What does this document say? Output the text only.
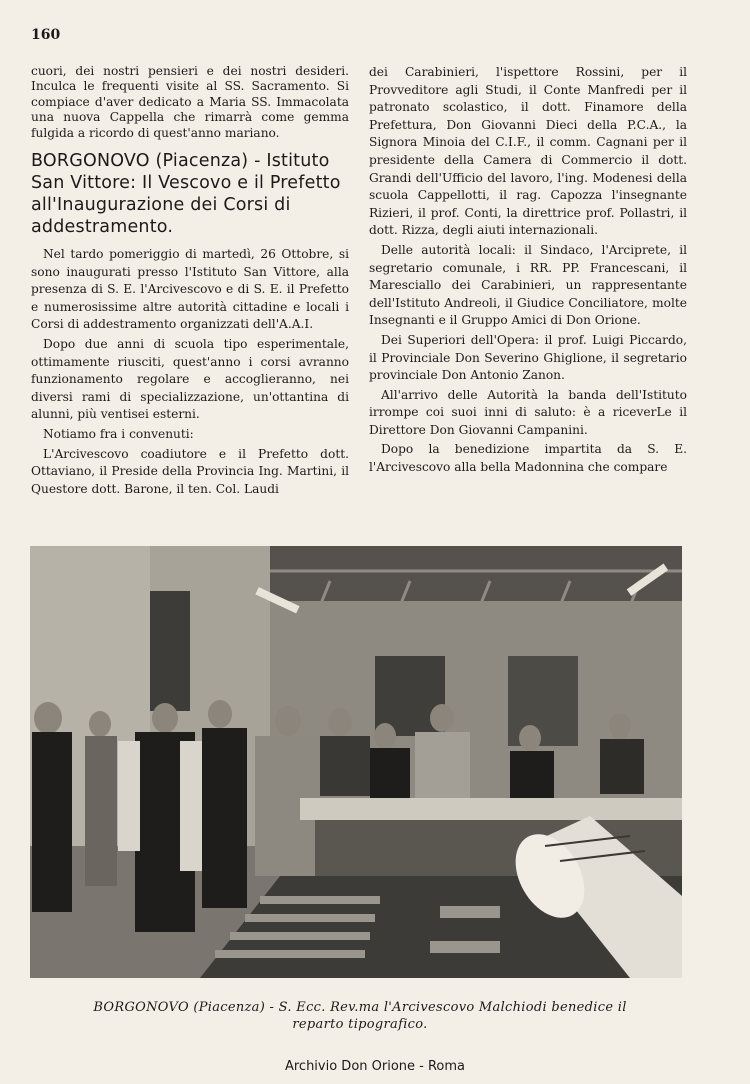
160

cuori, dei nostri pensieri e dei nostri desideri. Inculca le frequenti visite al SS. Sacramento. Si compiace d'aver dedicato a Maria SS. Immacolata una nuova Cappella che rimarrà come gemma fulgida a ricordo di quest'anno mariano.

BORGONOVO (Piacenza) - Istituto San Vittore: Il Vescovo e il Prefetto all'Inaugurazione dei Corsi di addestramento.

Nel tardo pomeriggio di martedì, 26 Ottobre, si sono inaugurati presso l'Istituto San Vittore, alla presenza di S. E. l'Arcivescovo e di S. E. il Prefetto e numerosissime altre autorità cittadine e locali i Corsi di addestramento organizzati dell'A.A.I.

Dopo due anni di scuola tipo esperimentale, ottimamente riusciti, quest'anno i corsi avranno funzionamento regolare e accoglieranno, nei diversi rami di specializzazione, un'ottantina di alunni, più ventisei esterni.

Notiamo fra i convenuti:

L'Arcivescovo coadiutore e il Prefetto dott. Ottaviano, il Preside della Provincia Ing. Martini, il Questore dott. Barone, il ten. Col. Laudi

dei Carabinieri, l'ispettore Rossini, per il Provveditore agli Studi, il Conte Manfredi per il patronato scolastico, il dott. Finamore della Prefettura, Don Giovanni Dieci della P.C.A., la Signora Minoia del C.I.F., il comm. Cagnani per il presidente della Camera di Commercio il dott. Grandi dell'Ufficio del lavoro, l'ing. Modenesi della scuola Cappellotti, il rag. Capozza l'insegnante Rizieri, il prof. Conti, la direttrice prof. Pollastri, il dott. Rizza, degli aiuti internazionali.

Delle autorità locali: il Sindaco, l'Arciprete, il segretario comunale, i RR. PP. Francescani, il Maresciallo dei Carabinieri, un rappresentante dell'Istituto Andreoli, il Giudice Conciliatore, molte Insegnanti e il Gruppo Amici di Don Orione.

Dei Superiori dell'Opera: il prof. Luigi Piccardo, il Provinciale Don Severino Ghiglione, il segretario provinciale Don Antonio Zanon.

All'arrivo delle Autorità la banda dell'Istituto irrompe coi suoi inni di saluto: è a riceverLe il Direttore Don Giovanni Campanini.

Dopo la benedizione impartita da S. E. l'Arcivescovo alla bella Madonnina che compare

BORGONOVO (Piacenza) - S. Ecc. Rev.ma l'Arcivescovo Malchiodi benedice il
reparto tipografico.
Archivio Don Orione - Roma
